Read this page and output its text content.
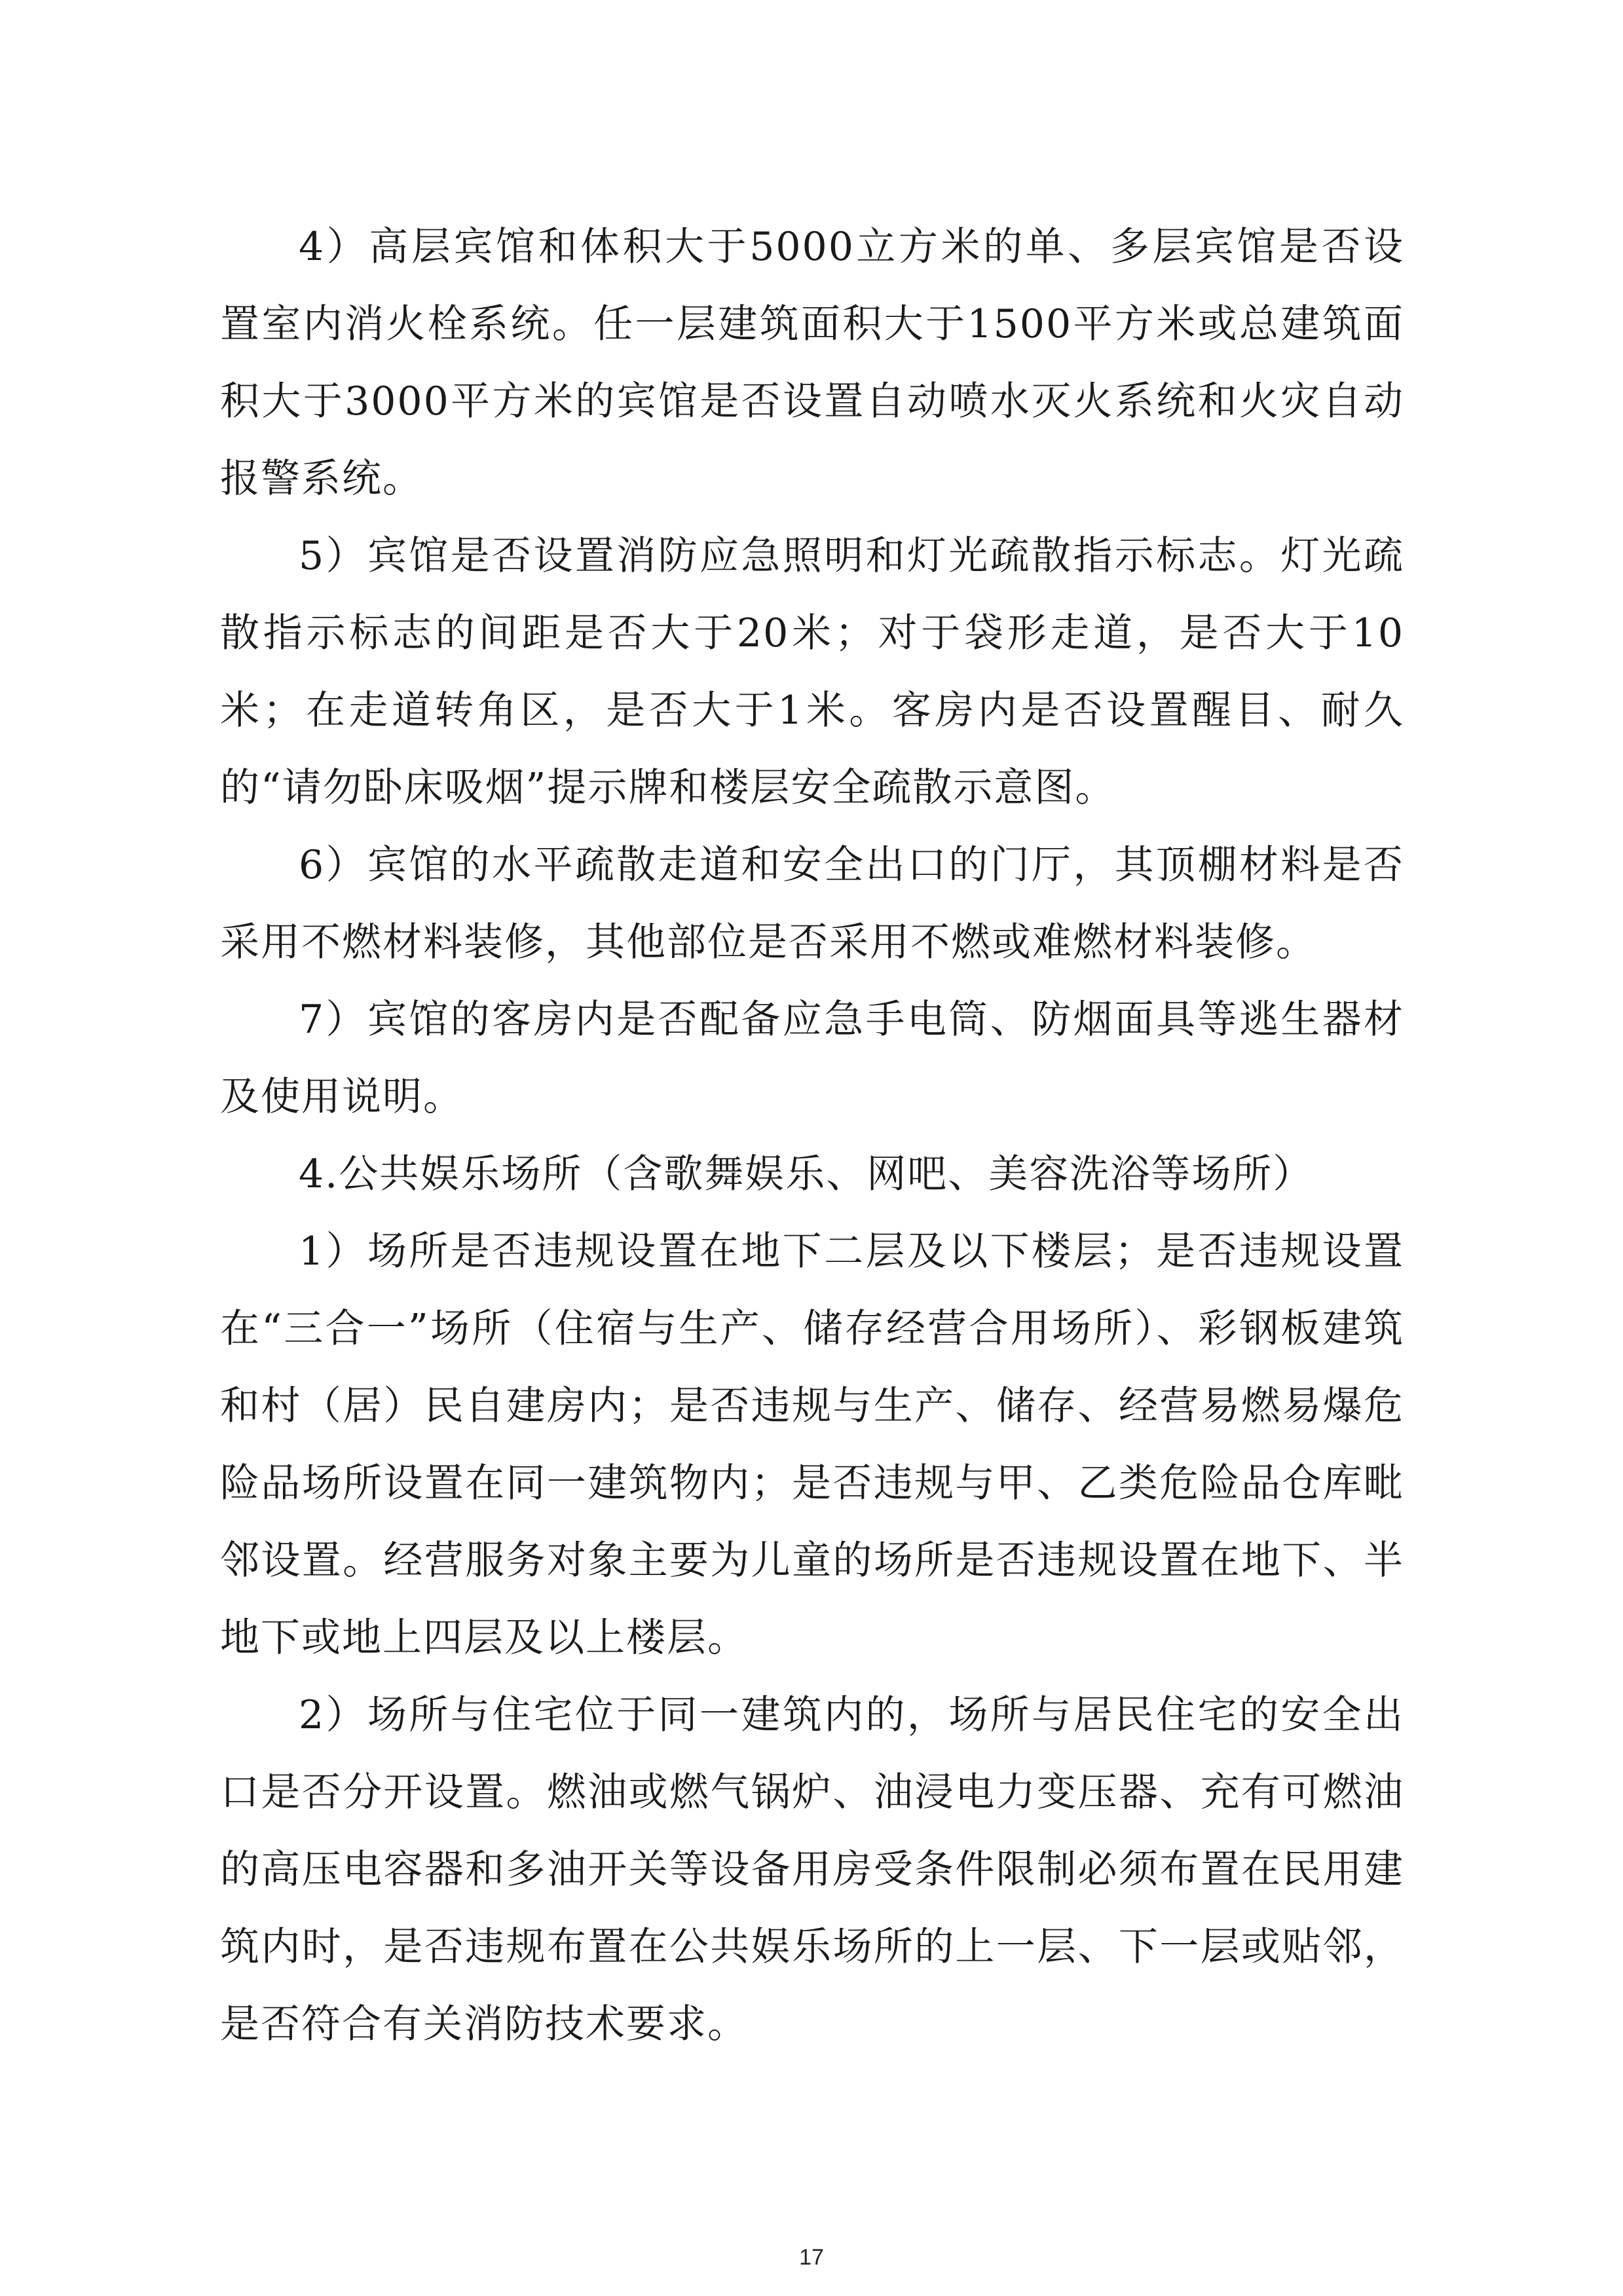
4）高层宾馆和体积大于5000立方米的单、多层宾馆是否设置室内消火栓系统。任一层建筑面积大于1500平方米或总建筑面积大于3000平方米的宾馆是否设置自动喷水灭火系统和火灾自动报警系统。

5）宾馆是否设置消防应急照明和灯光疏散指示标志。灯光疏散指示标志的间距是否大于20米；对于袋形走道，是否大于10米；在走道转角区，是否大于1米。客房内是否设置醒目、耐久的“请勿卧床吸烟”提示牌和楼层安全疏散示意图。

6）宾馆的水平疏散走道和安全出口的门厅，其顶棚材料是否采用不燃材料装修，其他部位是否采用不燃或难燃材料装修。

7）宾馆的客房内是否配备应急手电筒、防烟面具等逃生器材及使用说明。

4.公共娱乐场所（含歌舞娱乐、网吧、美容洗浴等场所）

1）场所是否违规设置在地下二层及以下楼层；是否违规设置在“三合一”场所（住宿与生产、储存经营合用场所）、彩钢板建筑和村（居）民自建房内；是否违规与生产、储存、经营易燃易爆危险品场所设置在同一建筑物内；是否违规与甲、乙类危险品仓库毗邻设置。经营服务对象主要为儿童的场所是否违规设置在地下、半地下或地上四层及以上楼层。

2）场所与住宅位于同一建筑内的，场所与居民住宅的安全出口是否分开设置。燃油或燃气锅炉、油浸电力变压器、充有可燃油的高压电容器和多油开关等设备用房受条件限制必须布置在民用建筑内时，是否违规布置在公共娱乐场所的上一层、下一层或贴邻，是否符合有关消防技术要求。

17
